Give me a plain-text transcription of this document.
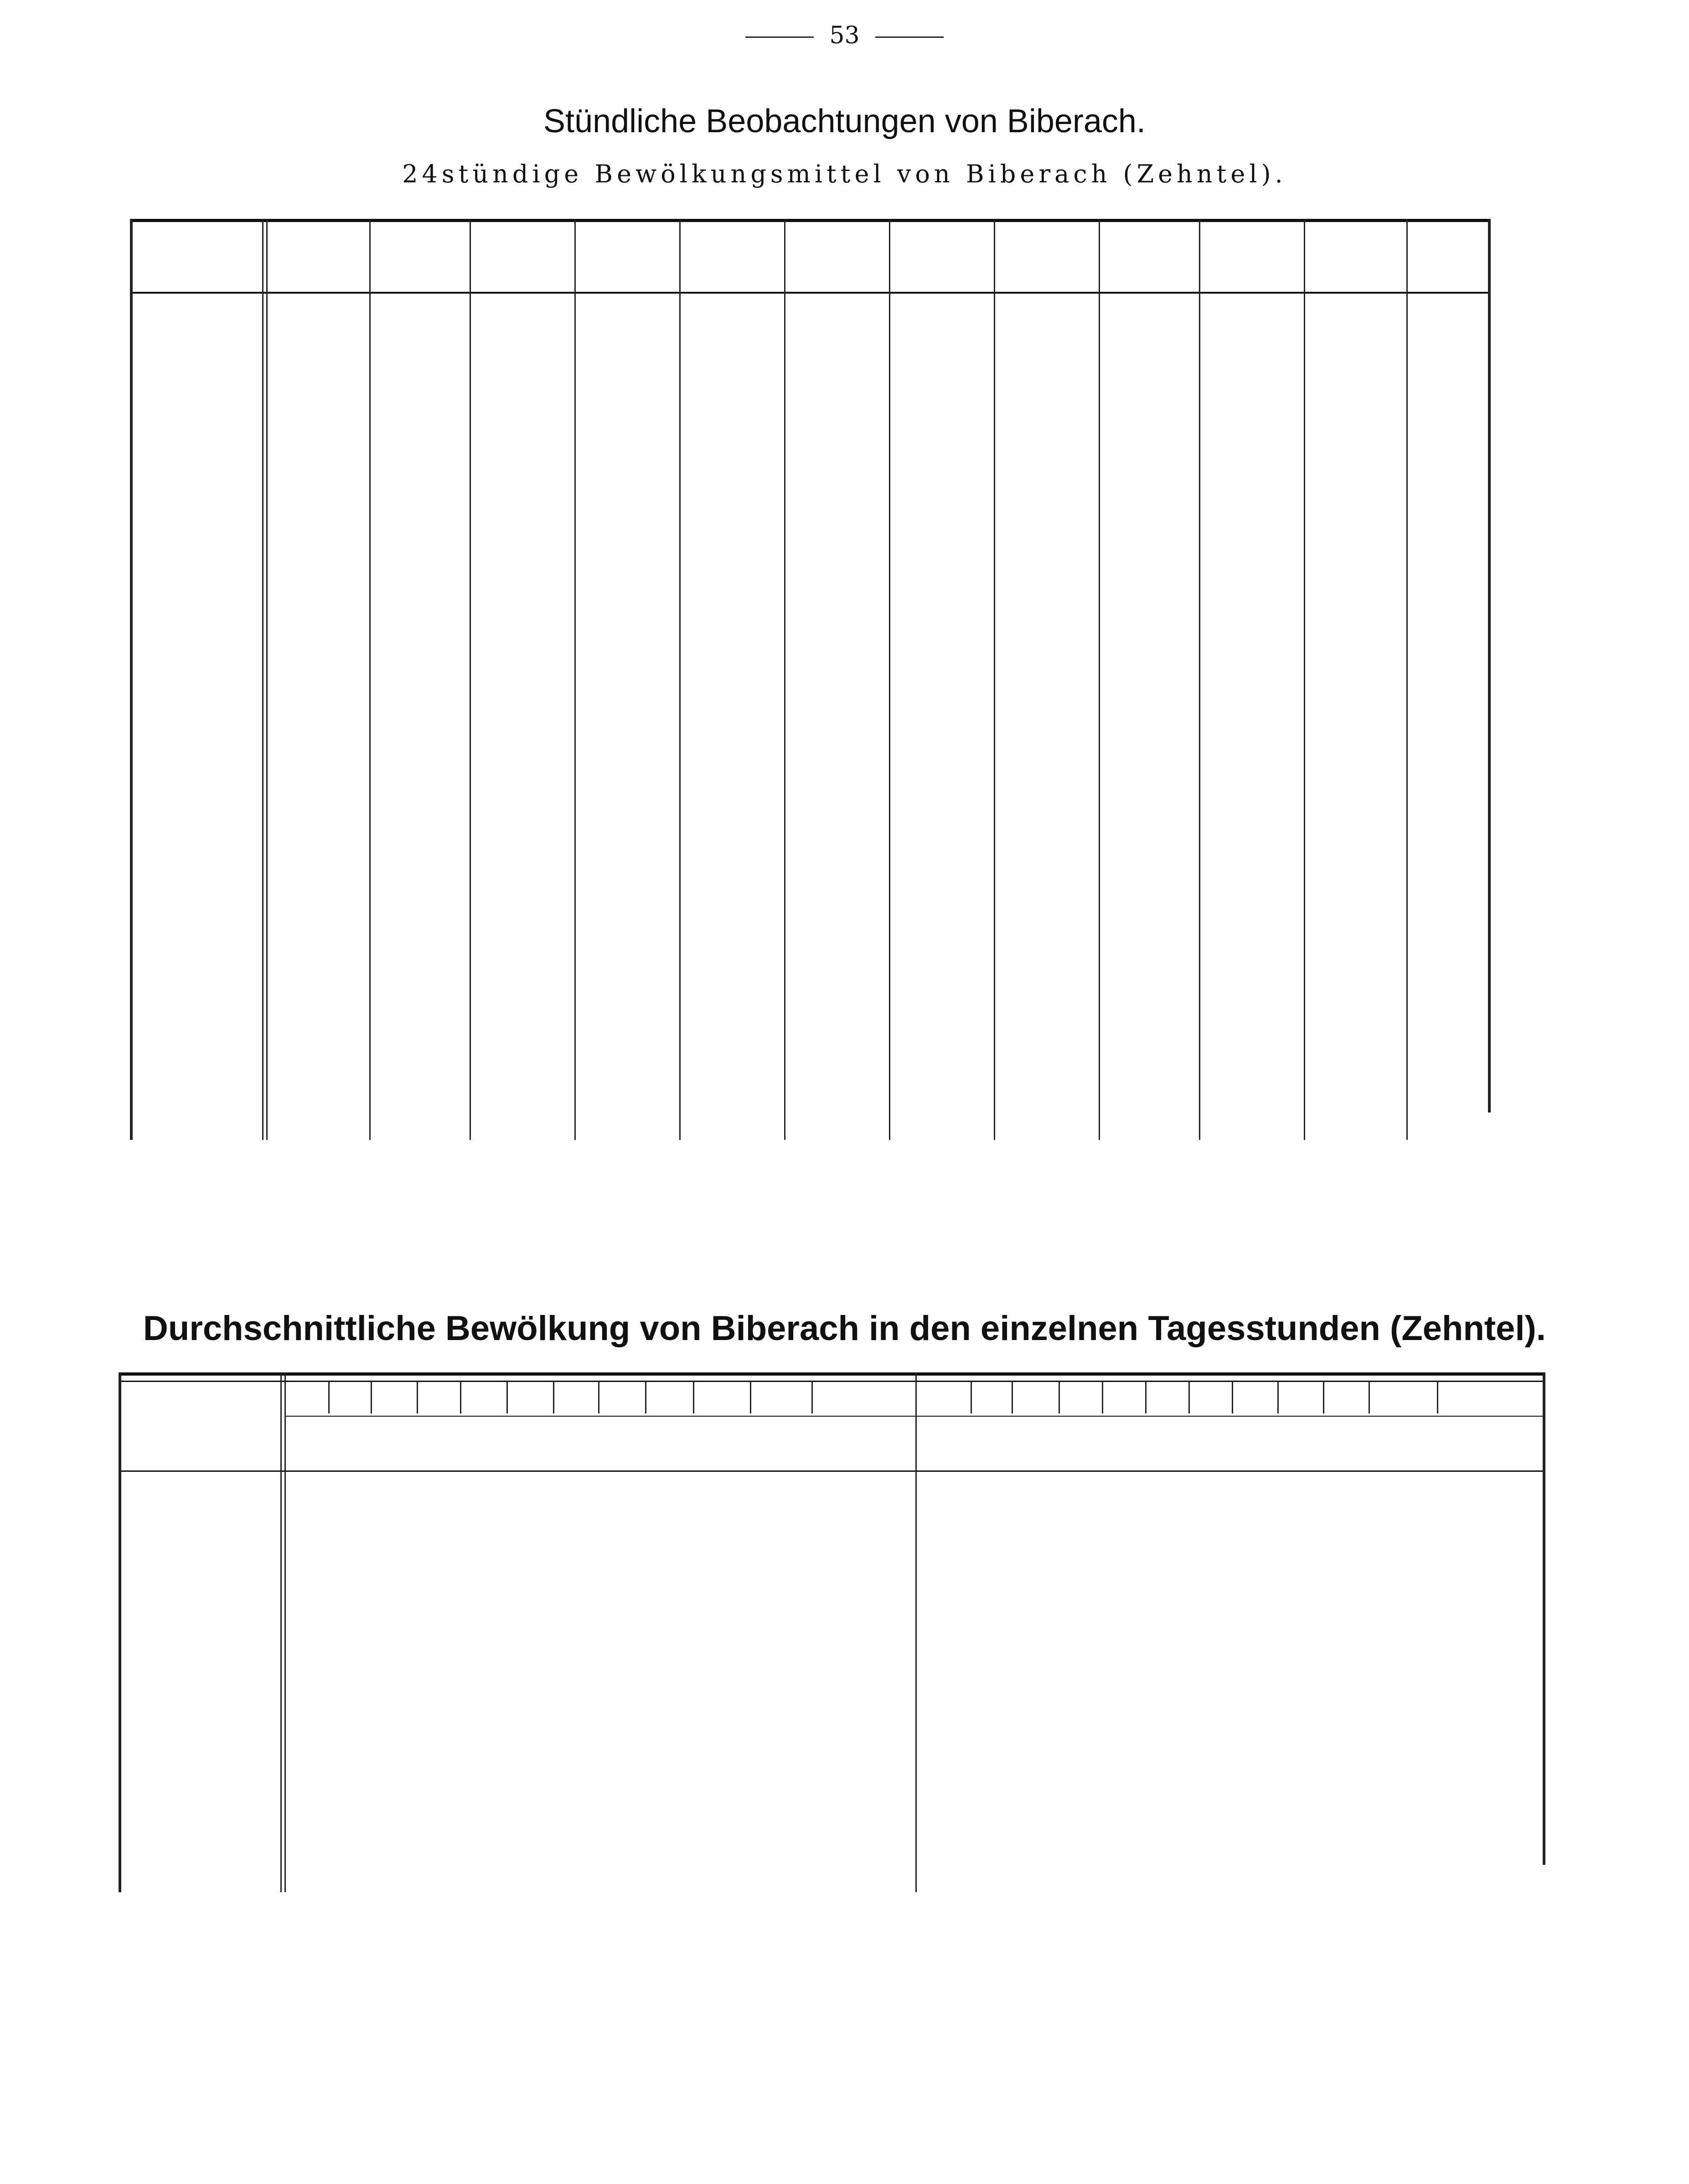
53
Stündliche Beobachtungen von Biberach.
24stündige Bewölkungsmittel von Biberach (Zehntel).
Durchschnittliche Bewölkung von Biberach in den einzelnen Tagesstunden (Zehntel).
